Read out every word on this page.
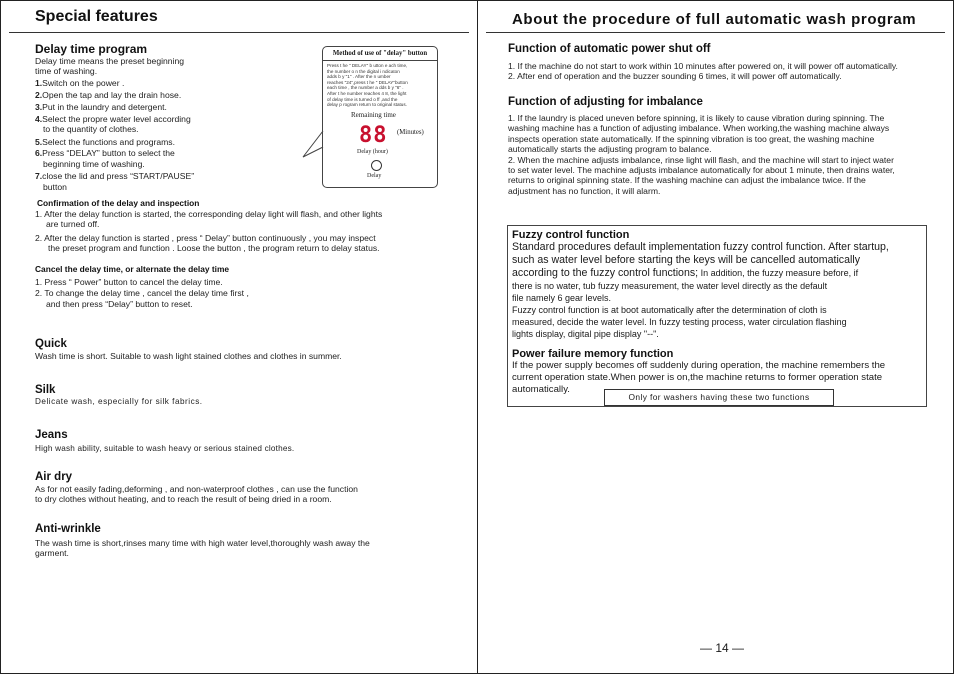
Special features
Delay time program
Delay time means the preset beginning
time of washing.
1.Switch on the power .
2.Open the tap and lay the drain hose.
3.Put in the laundry and detergent.
4.Select the propre water level according
to the quantity of clothes.
5.Select the functions and programs.
6.Press “DELAY” button to select the
beginning time of washing.
7.close the lid and press “START/PAUSE”
button
Method of use of "delay" button
Press t he " DELAY" b utton e ach time,
the number o n the digital i ndicaton
adds b y "1" . After the n umber
reaches "24",press t he " DELAY"button
each time , the number a dds b y "6" .
After t he number reaches 4 8, the light
of delay time is turned o ff ,and the
delay p rogram return to original status.
Remaining time
88 (Minutes)
Delay (hour)
Delay
Confirmation of the delay and inspection
1. After the delay function is started, the corresponding delay light will flash, and other lights
are turned off.
2. After the delay function is started , press “ Delay” button continuously , you may inspect
the preset program and function . Loose the button , the program return to delay status.
Cancel the delay time, or alternate the delay time
1. Press “ Power” button to cancel the delay time.
2. To change the delay time , cancel the delay time first ,
and then press “Delay” button to reset.
Quick
Wash time is short. Suitable to wash light stained clothes and clothes in summer.
Silk
Delicate wash, especially for silk fabrics.
Jeans
High wash ability, suitable to wash heavy or serious stained clothes.
Air dry
As for not easily fading,deforming , and non-waterproof clothes , can use the function
to dry clothes without heating, and to reach the result of being dried in a room.
Anti-wrinkle
The wash time is short,rinses many time with high water level,thoroughly wash away the
garment.
About the procedure of full automatic wash program
Function of automatic power shut off
1. If the machine do not start to work within 10 minutes after powered on, it will power off automatically.
2. After end of operation and the buzzer sounding 6 times, it will power off automatically.
Function of adjusting for imbalance
1. If the laundry is placed uneven before spinning, it is likely to cause vibration during spinning. The
washing machine has a function of adjusting imbalance. When working,the washing machine always
inspects operation state automatically. If the spinning vibration is too great, the washing machine
automatically starts the adjusting program to balance.
2. When the machine adjusts imbalance, rinse light will flash, and the machine will start to inject water
to set water level. The machine adjusts imbalance automatically for about 1 minute, then drains water,
returns to original spinning state. If the washing machine can adjust the imbalance twice. If the
adjustment has no function, it will alarm.
Fuzzy control function
Standard procedures default implementation fuzzy control function. After startup,
such as water level before starting the keys will be cancelled automatically
according to the fuzzy control functions; In addition, the fuzzy measure before, if
there is no water, tub fuzzy measurement, the water level directly as the default
file namely 6 gear levels.
Fuzzy control function is at boot automatically after the determination of cloth is
measured, decide the water level. In fuzzy testing process, water circulation flashing
lights display, digital pipe display "--".
Power failure memory function
If the power supply becomes off suddenly during operation, the machine remembers the
current operation state.When power is on,the machine returns to former operation state
automatically.
Only for washers having these two functions
— 14 —
